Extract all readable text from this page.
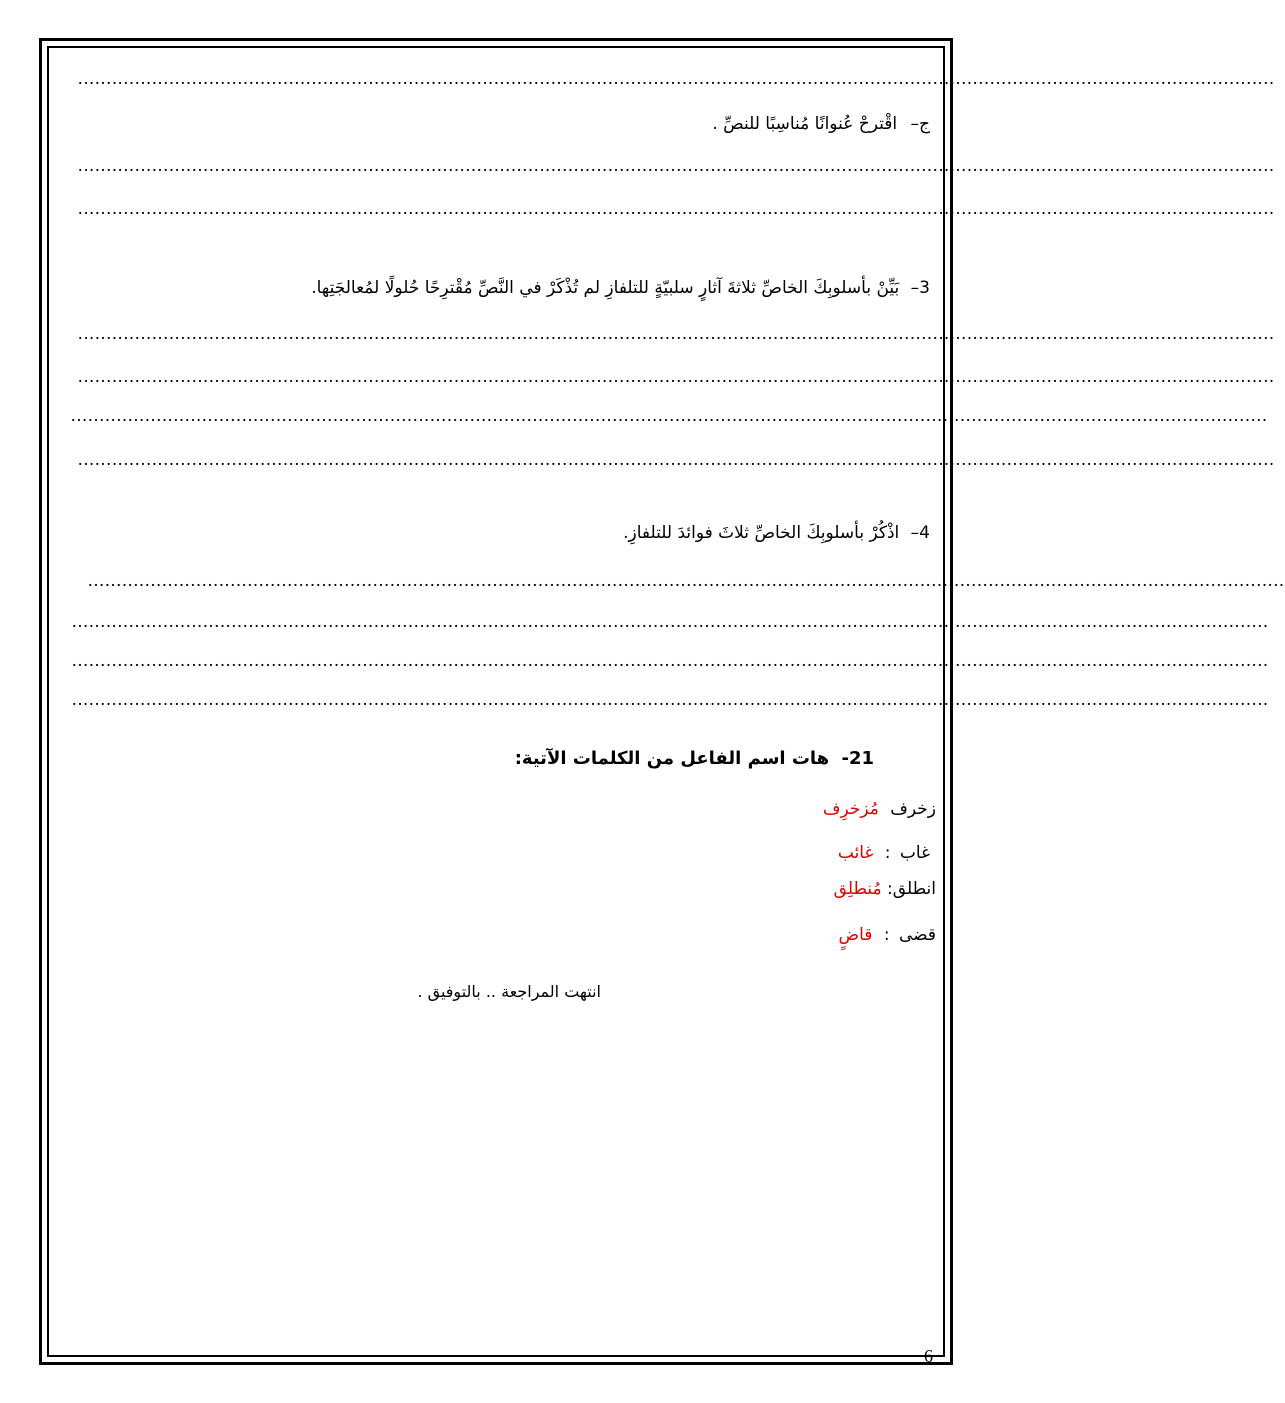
..................................................................................................................................................................................................................
ج– اقْترحْ عُنوانًا مُناسِبًا للنصِّ .
..................................................................................................................................................................................................................
..................................................................................................................................................................................................................
3– بَيِّنْ بأسلوبِكَ الخاصِّ ثلاثةَ آثارٍ سلبيّةٍ للتلفازِ لم تُذْكَرْ في النَّصِّ مُقْترِحًا حُلولًا لمُعالجَتِها.
..................................................................................................................................................................................................................
..................................................................................................................................................................................................................
..................................................................................................................................................................................................................
..................................................................................................................................................................................................................
4– اذْكُرْ بأسلوبِكَ الخاصِّ ثلاثَ فوائدَ للتلفازِ.
..................................................................................................................................................................................................................
..................................................................................................................................................................................................................
..................................................................................................................................................................................................................
..................................................................................................................................................................................................................
21- هات اسم الفاعل من الكلمات الآتية:
زخرف مُزخرِف
غاب : غائب
انطلق: مُنطلِق
قضى : قاضٍ
انتهت المراجعة .. بالتوفيق .
6
